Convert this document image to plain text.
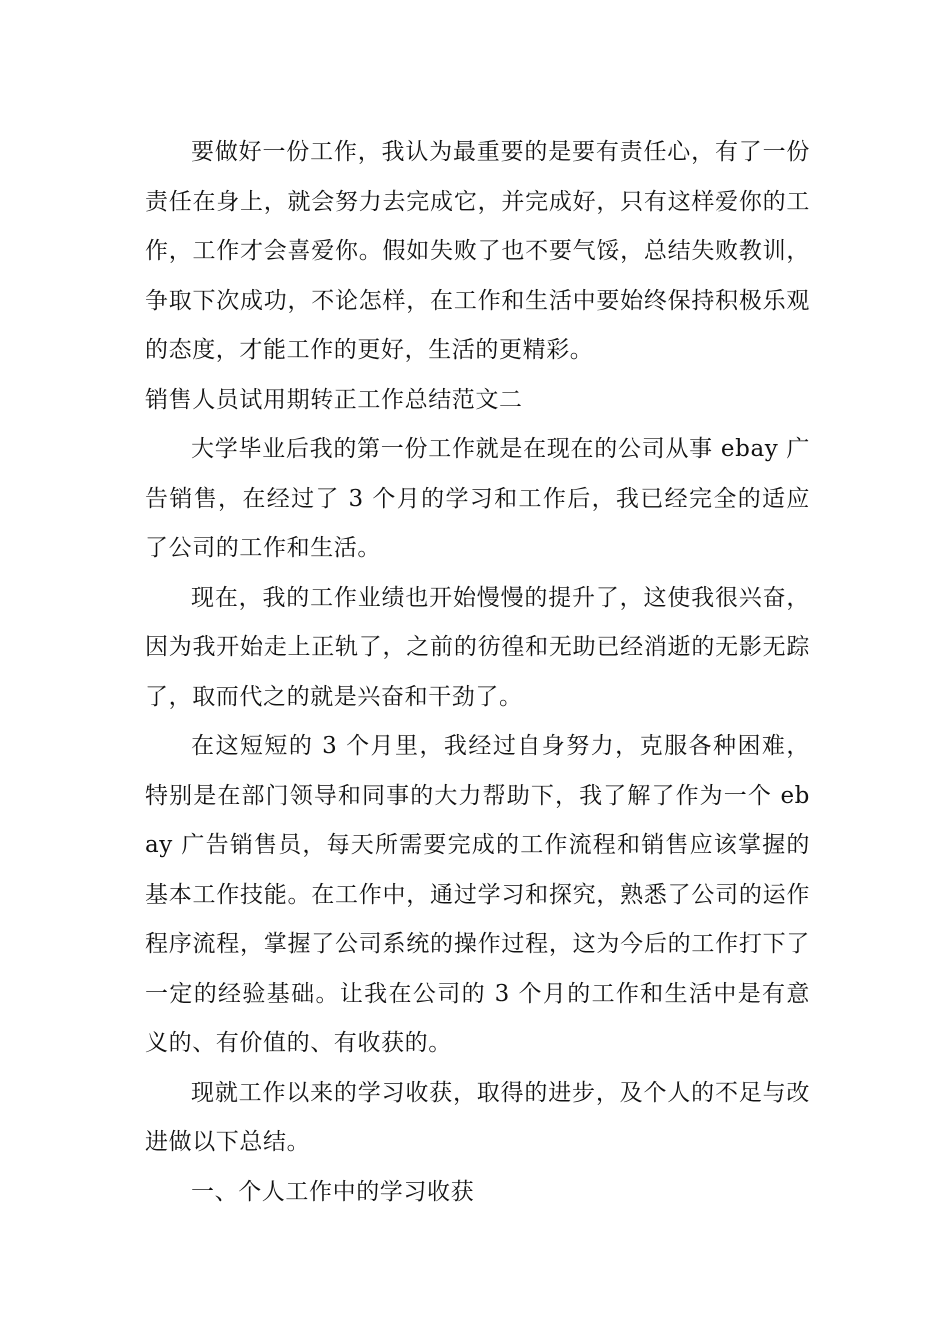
要做好一份工作，我认为最重要的是要有责任心，有了一份责任在身上，就会努力去完成它，并完成好，只有这样爱你的工作，工作才会喜爱你。假如失败了也不要气馁，总结失败教训，争取下次成功，不论怎样，在工作和生活中要始终保持积极乐观的态度，才能工作的更好，生活的更精彩。

销售人员试用期转正工作总结范文二

大学毕业后我的第一份工作就是在现在的公司从事 ebay 广告销售，在经过了 3 个月的学习和工作后，我已经完全的适应了公司的工作和生活。

现在，我的工作业绩也开始慢慢的提升了，这使我很兴奋，因为我开始走上正轨了，之前的彷徨和无助已经消逝的无影无踪了，取而代之的就是兴奋和干劲了。

在这短短的 3 个月里，我经过自身努力，克服各种困难，特别是在部门领导和同事的大力帮助下，我了解了作为一个 ebay 广告销售员，每天所需要完成的工作流程和销售应该掌握的基本工作技能。在工作中，通过学习和探究，熟悉了公司的运作程序流程，掌握了公司系统的操作过程，这为今后的工作打下了一定的经验基础。让我在公司的 3 个月的工作和生活中是有意义的、有价值的、有收获的。

现就工作以来的学习收获，取得的进步，及个人的不足与改进做以下总结。

一、个人工作中的学习收获
